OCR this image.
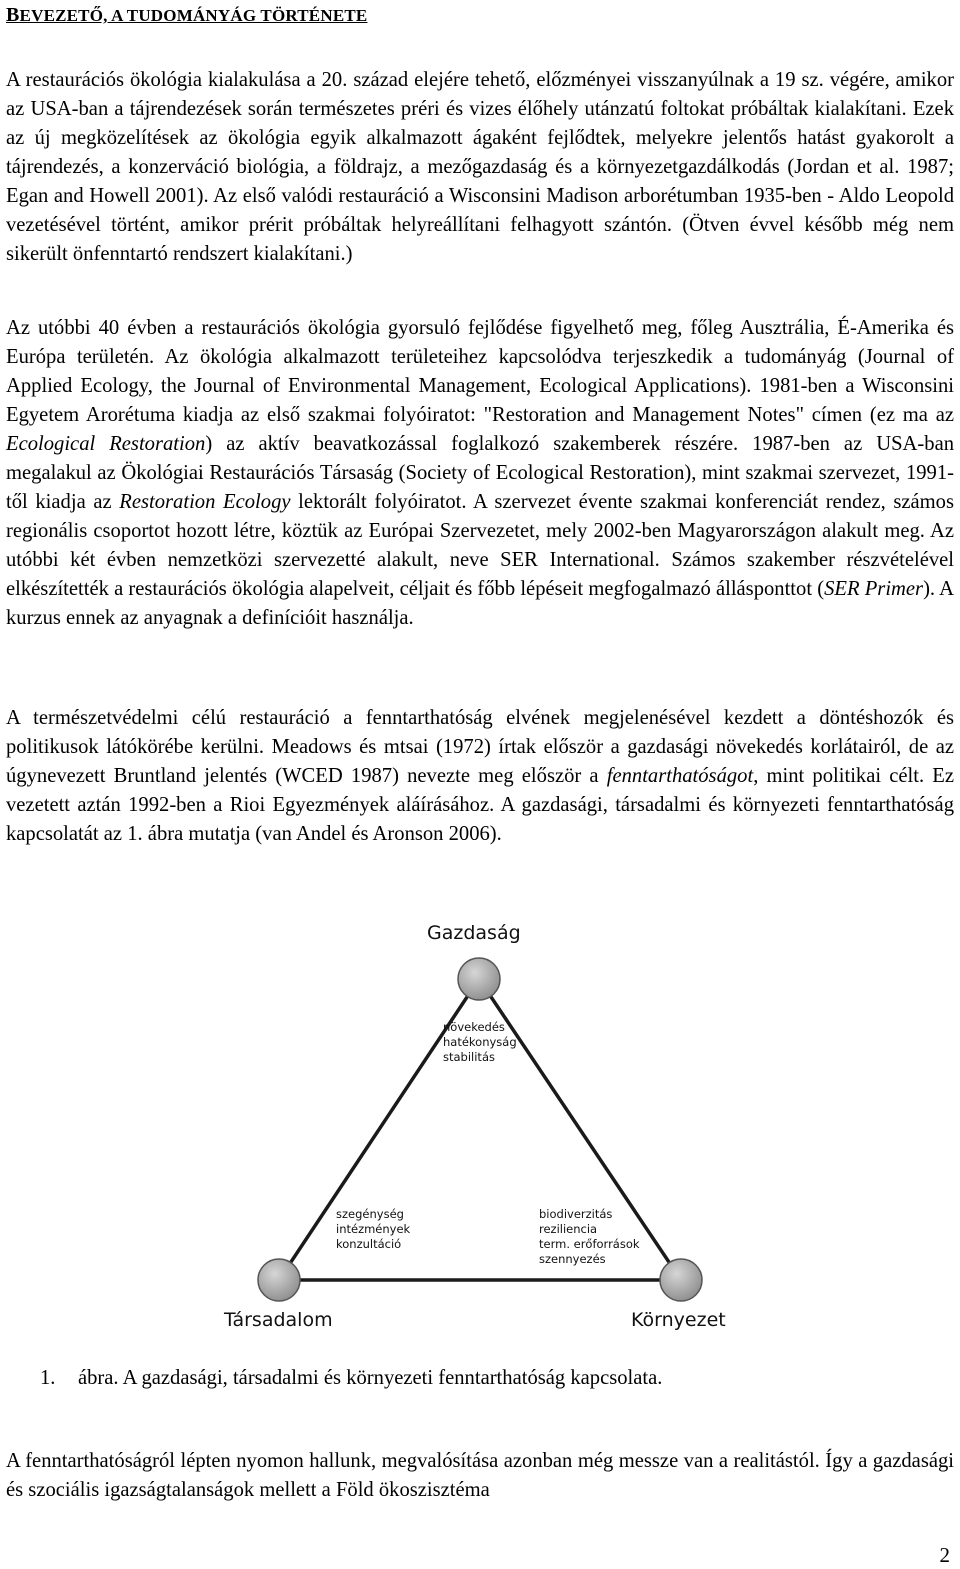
BEVEZETŐ, A TUDOMÁNYÁG TÖRTÉNETE

A restaurációs ökológia kialakulása a 20. század elejére tehető, előzményei visszanyúlnak a 19 sz. végére, amikor az USA-ban a tájrendezések során természetes préri és vizes élőhely utánzatú foltokat próbáltak kialakítani. Ezek az új megközelítések az ökológia egyik alkalmazott ágaként fejlődtek, melyekre jelentős hatást gyakorolt a tájrendezés, a konzerváció biológia, a földrajz, a mezőgazdaság és a környezetgazdálkodás (Jordan et al. 1987; Egan and Howell 2001). Az első valódi restauráció a Wisconsini Madison arborétumban 1935-ben - Aldo Leopold vezetésével történt, amikor prérit próbáltak helyreállítani felhagyott szántón. (Ötven évvel később még nem sikerült önfenntartó rendszert kialakítani.)

Az utóbbi 40 évben a restaurációs ökológia gyorsuló fejlődése figyelhető meg, főleg Ausztrália, É-Amerika és Európa területén. Az ökológia alkalmazott területeihez kapcsolódva terjeszkedik a tudományág (Journal of Applied Ecology, the Journal of Environmental Management, Ecological Applications). 1981-ben a Wisconsini Egyetem Arorétuma kiadja az első szakmai folyóiratot: "Restoration and Management Notes" címen (ez ma az Ecological Restoration) az aktív beavatkozással foglalkozó szakemberek részére. 1987-ben az USA-ban megalakul az Ökológiai Restaurációs Társaság (Society of Ecological Restoration), mint szakmai szervezet, 1991-től kiadja az Restoration Ecology lektorált folyóiratot. A szervezet évente szakmai konferenciát rendez, számos regionális csoportot hozott létre, köztük az Európai Szervezetet, mely 2002-ben Magyarországon alakult meg. Az utóbbi két évben nemzetközi szervezetté alakult, neve SER International. Számos szakember részvételével elkészítették a restaurációs ökológia alapelveit, céljait és főbb lépéseit megfogalmazó állásponttot (SER Primer). A kurzus ennek az anyagnak a definícióit használja.

A természetvédelmi célú restauráció a fenntarthatóság elvének megjelenésével kezdett a döntéshozók és politikusok látókörébe kerülni. Meadows és mtsai (1972) írtak először a gazdasági növekedés korlátairól, de az úgynevezett Bruntland jelentés (WCED 1987) nevezte meg először a fenntarthatóságot, mint politikai célt. Ez vezetett aztán 1992-ben a Rioi Egyezmények aláírásához. A gazdasági, társadalmi és környezeti fenntarthatóság kapcsolatát az 1. ábra mutatja (van Andel és Aronson 2006).

Gazdaság
Társadalom	Környezet
növekedés
hatékonyság
stabilitás
szegénység
intézmények
konzultáció
biodiverzitás
reziliencia
term. erőforrások
szennyezés
1. ábra. A gazdasági, társadalmi és környezeti fenntarthatóság kapcsolata.

A fenntarthatóságról lépten nyomon hallunk, megvalósítása azonban még messze van a realitástól. Így a gazdasági és szociális igazságtalanságok mellett a Föld ökoszisztéma

2
